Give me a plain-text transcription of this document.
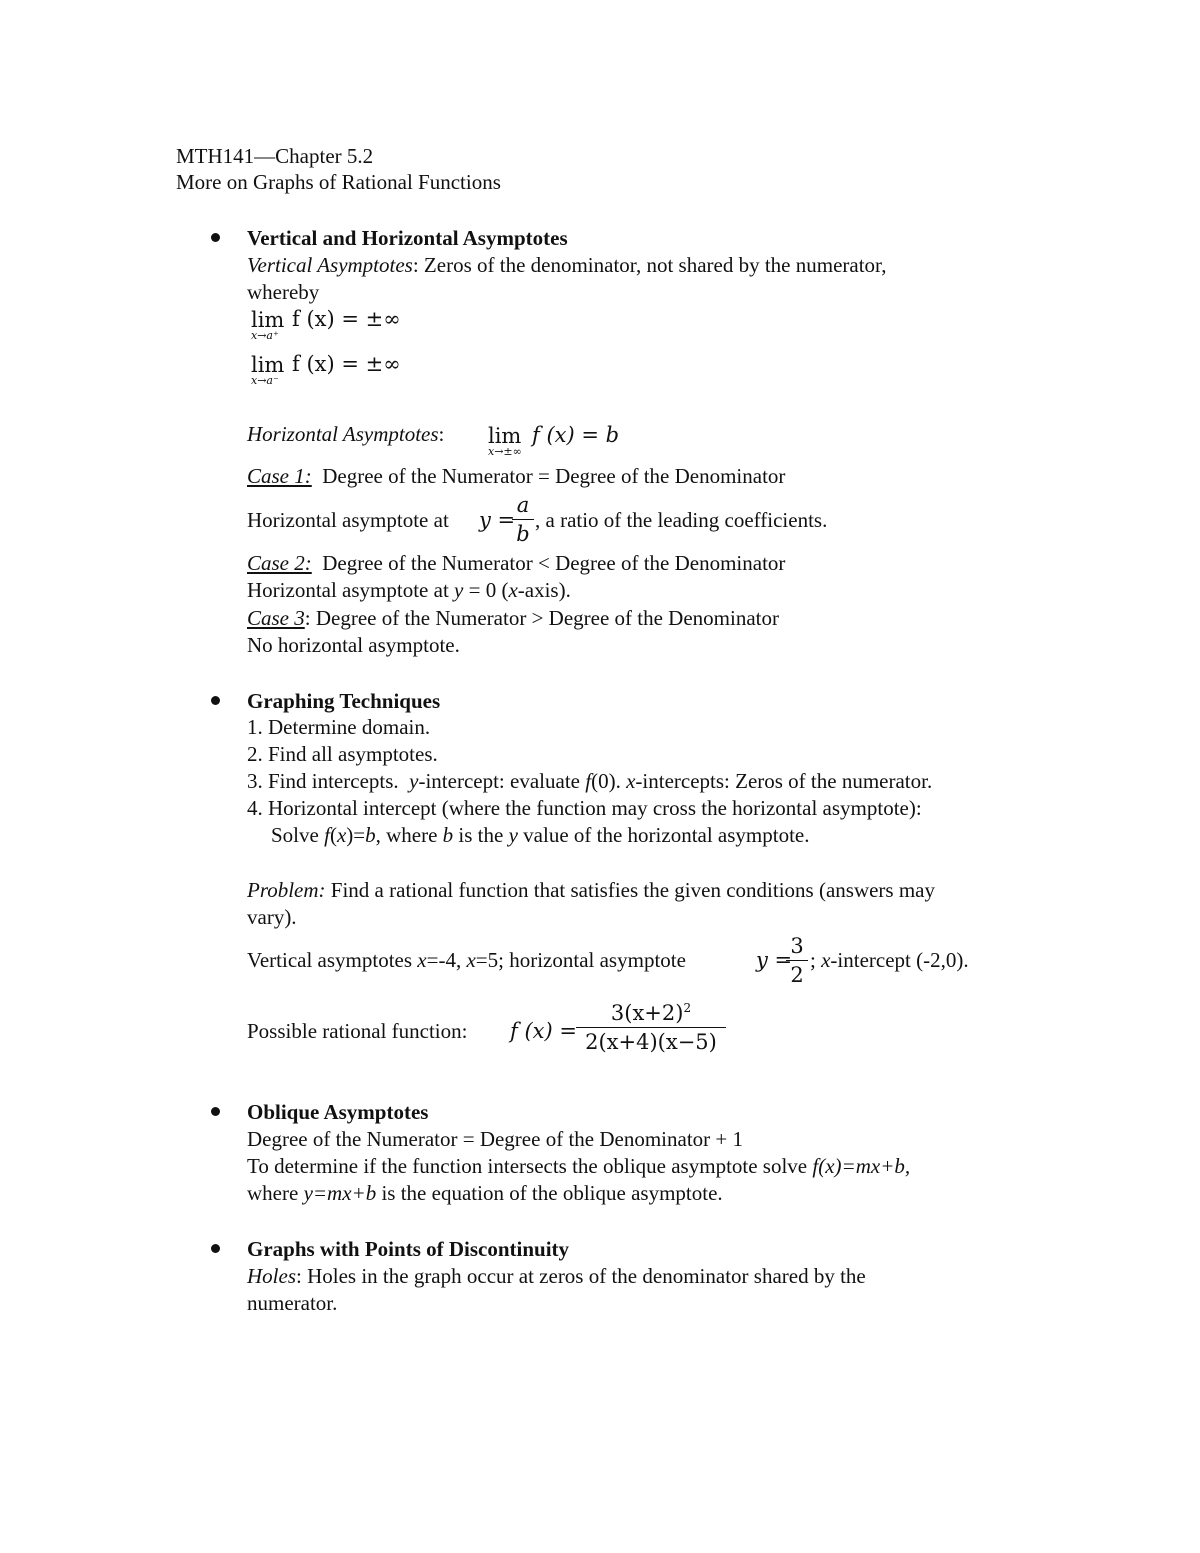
MTH141—Chapter 5.2
More on Graphs of Rational Functions
Vertical and Horizontal Asymptotes
Vertical Asymptotes: Zeros of the denominator, not shared by the numerator,
whereby
lim
x→a⁺
f (x) = ±∞
lim
x→a⁻
f (x) = ±∞
Horizontal Asymptotes: lim
x→±∞
f (x) = b
Case 1: Degree of the Numerator = Degree of the Denominator
Horizontal asymptote at y =
a
b
, a ratio of the leading coefficients.
Case 2: Degree of the Numerator < Degree of the Denominator
Horizontal asymptote at y = 0 (x-axis).
Case 3: Degree of the Numerator > Degree of the Denominator
No horizontal asymptote.
Graphing Techniques
1. Determine domain.
2. Find all asymptotes.
3. Find intercepts. y-intercept: evaluate f(0). x-intercepts: Zeros of the numerator.
4. Horizontal intercept (where the function may cross the horizontal asymptote):
Solve f(x)=b, where b is the y value of the horizontal asymptote.
Problem: Find a rational function that satisfies the given conditions (answers may
vary).
Vertical asymptotes x=-4, x=5; horizontal asymptote	y =
3
2
; x-intercept (-2,0).
Possible rational function: f (x) =
$3(x+2)^2$
2(x+4)(x−5)
Oblique Asymptotes
Degree of the Numerator = Degree of the Denominator + 1
To determine if the function intersects the oblique asymptote solve f(x)=mx+b,
where y=mx+b is the equation of the oblique asymptote.
Graphs with Points of Discontinuity
Holes: Holes in the graph occur at zeros of the denominator shared by the
numerator.
